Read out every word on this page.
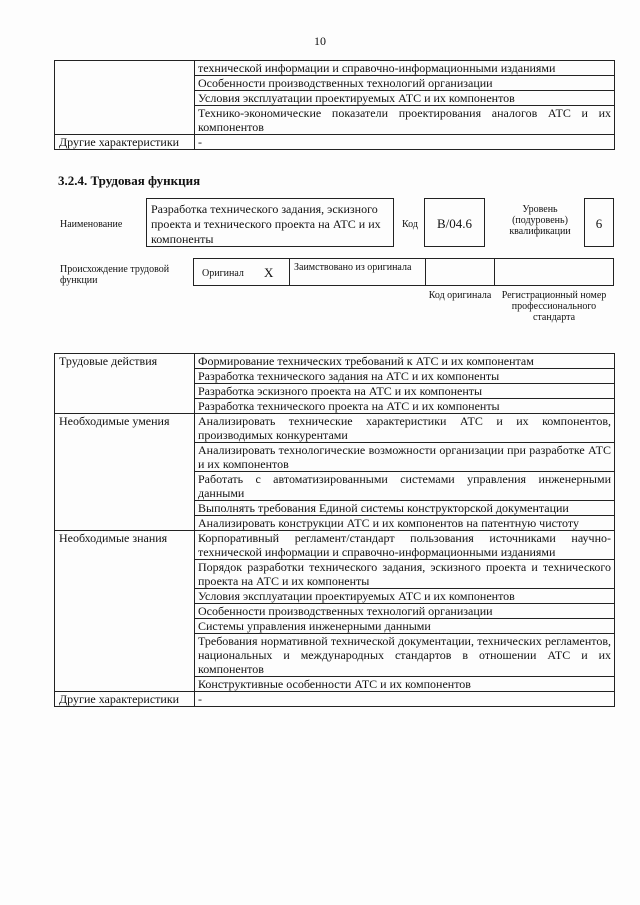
10
	технической информации и справочно-информационными изданиями
	Особенности производственных технологий организации
	Условия эксплуатации проектируемых АТС и их компонентов
	Технико-экономические показатели проектирования аналогов АТС и их компонентов
Другие характеристики	-
3.2.4. Трудовая функция
Наименование
Разработка технического задания, эскизного проекта и технического проекта на АТС и их компоненты
Код	B/04.6
Уровень (подуровень) квалификации
6
Происхождение трудовой функции
Оригинал X Заимствовано из оригинала
Код оригинала	Регистрационный номер профессионального стандарта
Трудовые действия	Формирование технических требований к АТС и их компонентам
	Разработка технического задания на АТС и их компоненты
	Разработка эскизного проекта на АТС и их компоненты
	Разработка технического проекта на АТС и их компоненты
Необходимые умения	Анализировать технические характеристики АТС и их компонентов, производимых конкурентами
	Анализировать технологические возможности организации при разработке АТС и их компонентов
	Работать с автоматизированными системами управления инженерными данными
	Выполнять требования Единой системы конструкторской документации
	Анализировать конструкции АТС и их компонентов на патентную чистоту
Необходимые знания	Корпоративный регламент/стандарт пользования источниками научно-технической информации и справочно-информационными изданиями
	Порядок разработки технического задания, эскизного проекта и технического проекта на АТС и их компоненты
	Условия эксплуатации проектируемых АТС и их компонентов
	Особенности производственных технологий организации
	Системы управления инженерными данными
	Требования нормативной технической документации, технических регламентов, национальных и международных стандартов в отношении АТС и их компонентов
	Конструктивные особенности АТС и их компонентов
Другие характеристики	-
